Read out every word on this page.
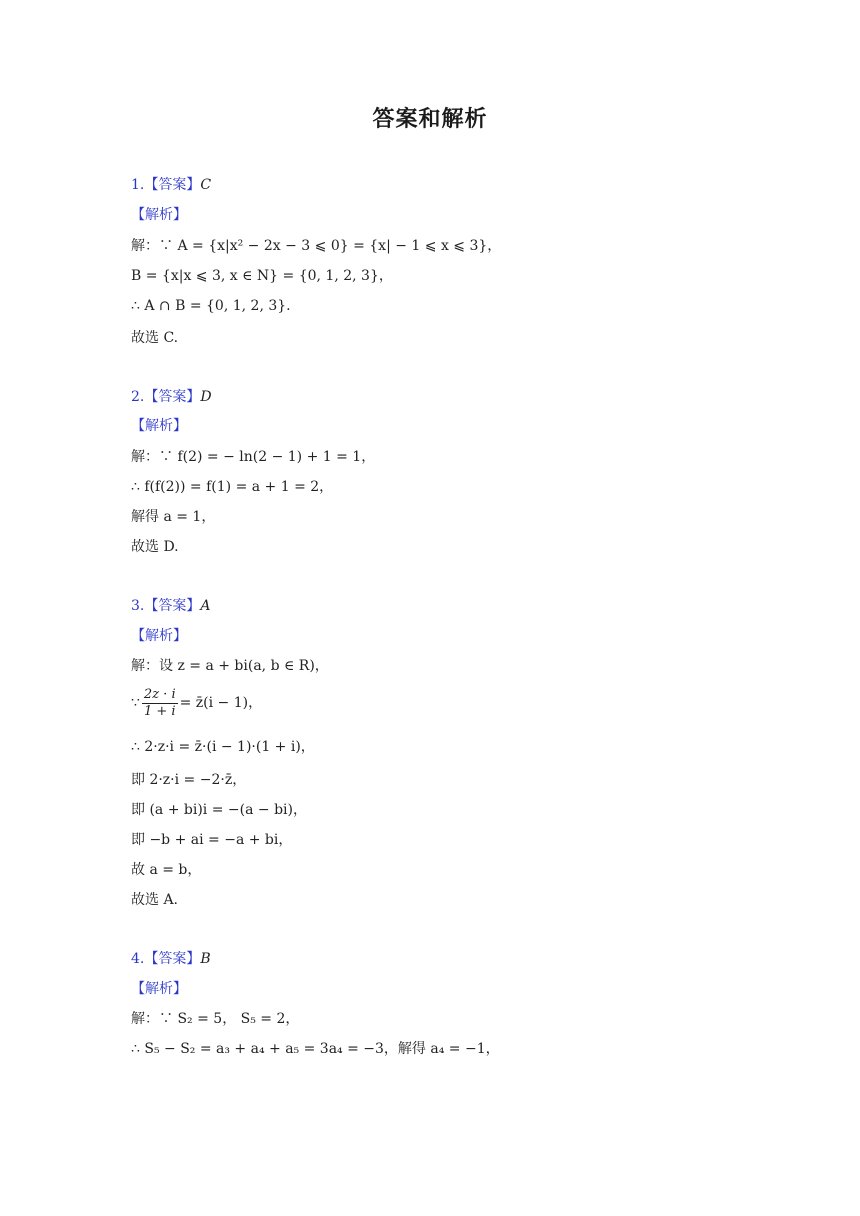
答案和解析
1.【答案】C
【解析】
解：∵ A = {x|x² − 2x − 3 ⩽ 0} = {x| − 1 ⩽ x ⩽ 3}，
B = {x|x ⩽ 3, x ∈ N} = {0, 1, 2, 3}，
∴ A ∩ B = {0, 1, 2, 3}.
故选 C.
2.【答案】D
【解析】
解：∵ f(2) = − ln(2 − 1) + 1 = 1，
∴ f(f(2)) = f(1) = a + 1 = 2，
解得 a = 1，
故选 D.
3.【答案】A
【解析】
解：设 z = a + bi(a, b ∈ R)，
∵ $\frac{2z \cdot i}{1 + i}$ = z̄(i − 1)，
∴ 2·z·i = z̄·(i − 1)·(1 + i)，
即 2·z·i = −2·z̄，
即 (a + bi)i = −(a − bi)，
即 −b + ai = −a + bi，
故 a = b，
故选 A.
4.【答案】B
【解析】
解：∵ S₂ = 5， S₅ = 2，
∴ S₅ − S₂ = a₃ + a₄ + a₅ = 3a₄ = −3，解得 a₄ = −1，
